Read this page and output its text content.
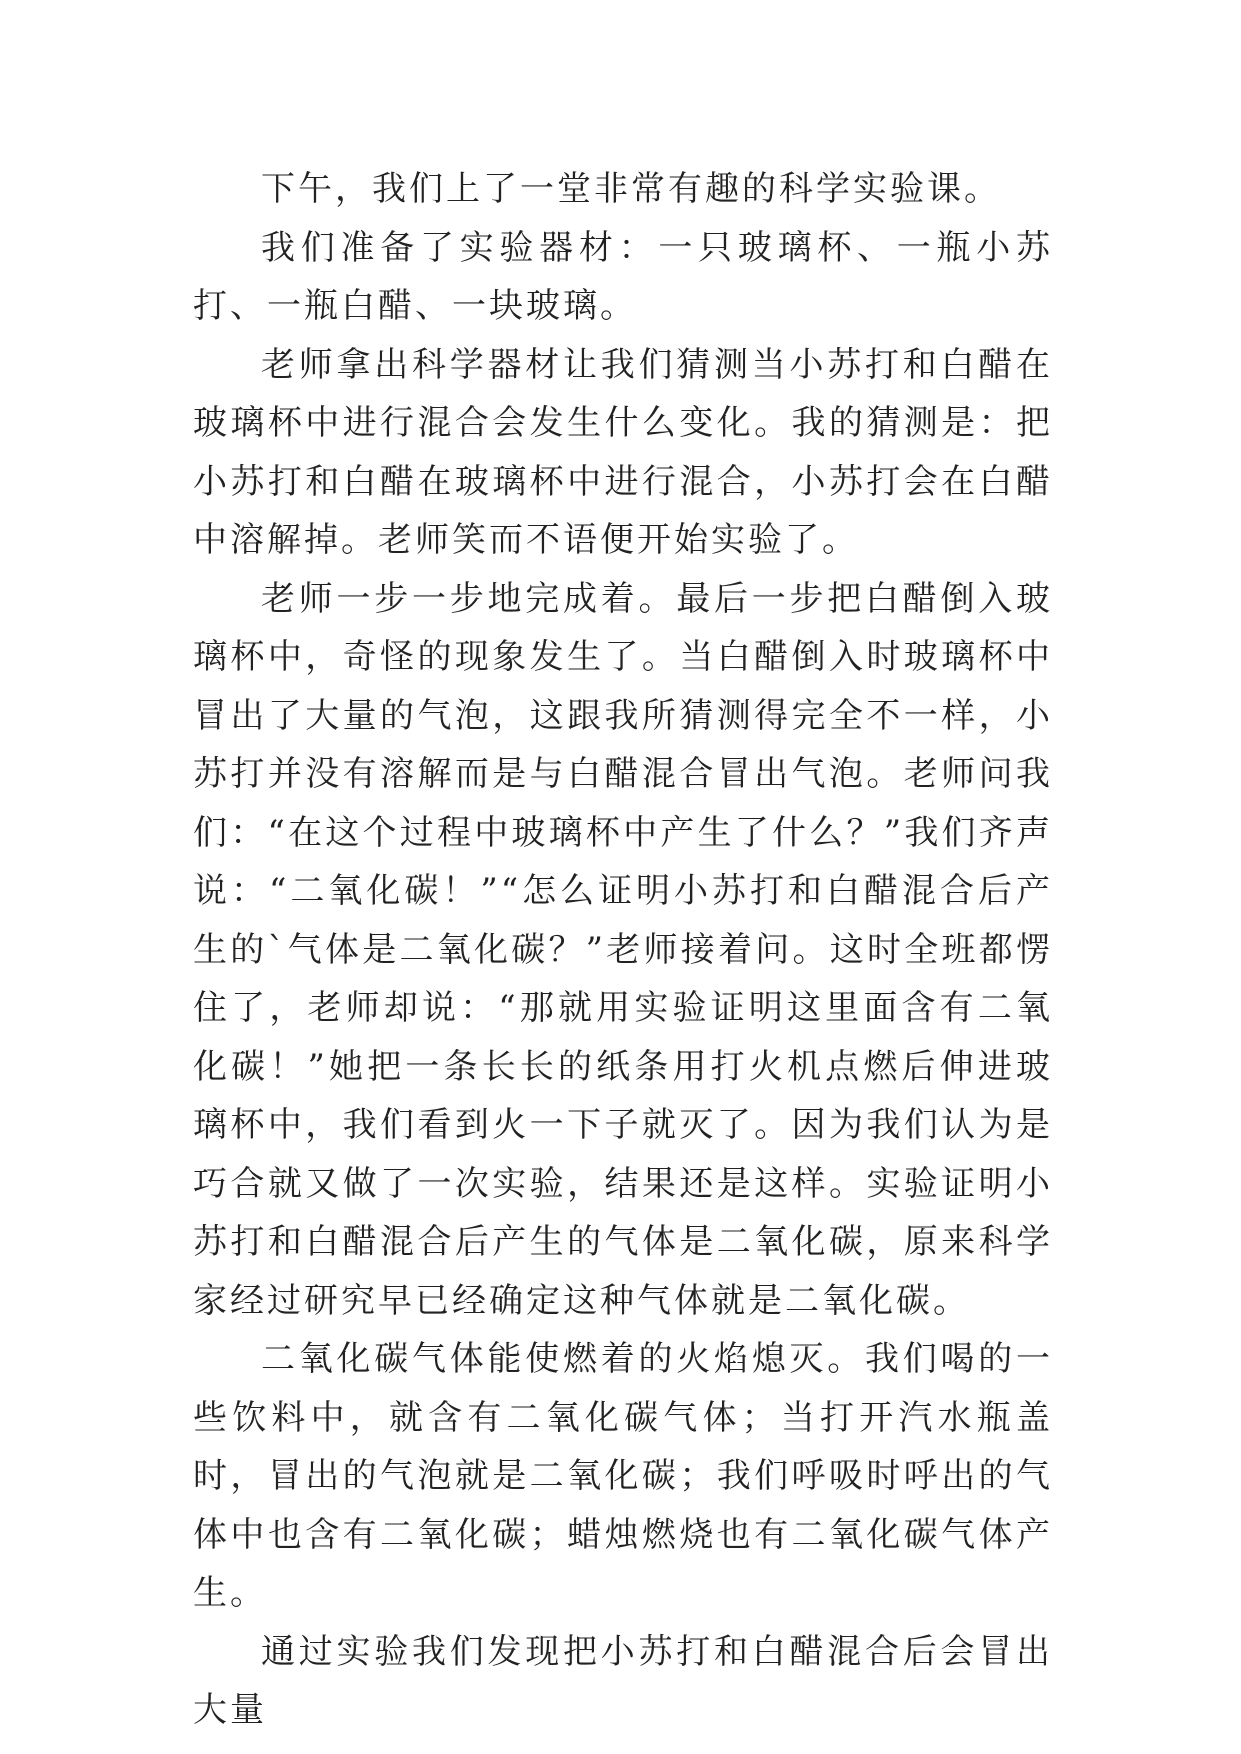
下午，我们上了一堂非常有趣的科学实验课。

我们准备了实验器材：一只玻璃杯、一瓶小苏打、一瓶白醋、一块玻璃。

老师拿出科学器材让我们猜测当小苏打和白醋在玻璃杯中进行混合会发生什么变化。我的猜测是：把小苏打和白醋在玻璃杯中进行混合，小苏打会在白醋中溶解掉。老师笑而不语便开始实验了。

老师一步一步地完成着。最后一步把白醋倒入玻璃杯中，奇怪的现象发生了。当白醋倒入时玻璃杯中冒出了大量的气泡，这跟我所猜测得完全不一样，小苏打并没有溶解而是与白醋混合冒出气泡。老师问我们：“在这个过程中玻璃杯中产生了什么？”我们齐声说：“二氧化碳！”“怎么证明小苏打和白醋混合后产生的`气体是二氧化碳？”老师接着问。这时全班都愣住了，老师却说：“那就用实验证明这里面含有二氧化碳！”她把一条长长的纸条用打火机点燃后伸进玻璃杯中，我们看到火一下子就灭了。因为我们认为是巧合就又做了一次实验，结果还是这样。实验证明小苏打和白醋混合后产生的气体是二氧化碳，原来科学家经过研究早已经确定这种气体就是二氧化碳。

二氧化碳气体能使燃着的火焰熄灭。我们喝的一些饮料中，就含有二氧化碳气体；当打开汽水瓶盖时，冒出的气泡就是二氧化碳；我们呼吸时呼出的气体中也含有二氧化碳；蜡烛燃烧也有二氧化碳气体产生。

通过实验我们发现把小苏打和白醋混合后会冒出大量
